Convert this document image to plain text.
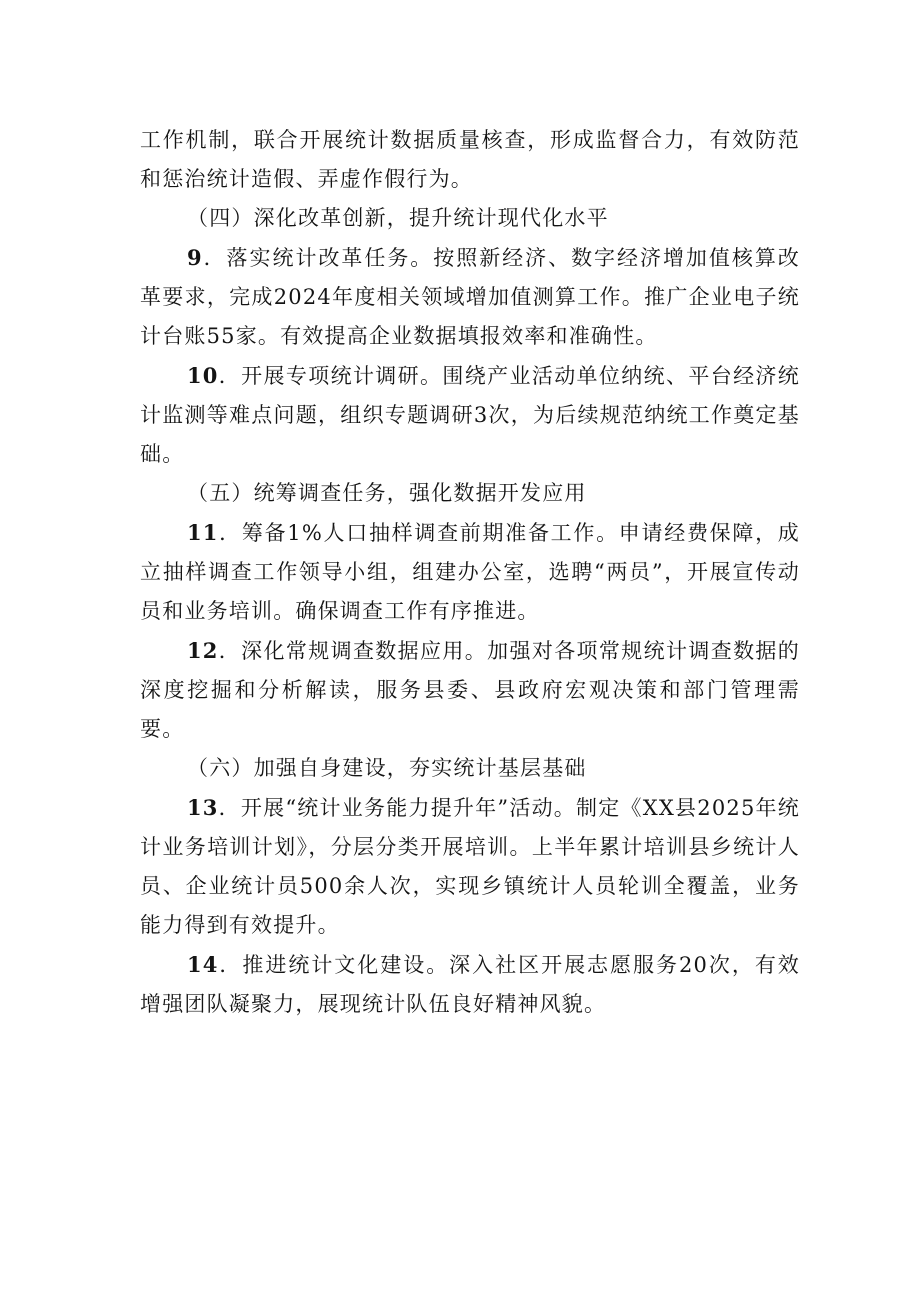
工作机制，联合开展统计数据质量核查，形成监督合力，有效防范和惩治统计造假、弄虚作假行为。

（四）深化改革创新，提升统计现代化水平

9．落实统计改革任务。按照新经济、数字经济增加值核算改革要求，完成2024年度相关领域增加值测算工作。推广企业电子统计台账55家。有效提高企业数据填报效率和准确性。

10．开展专项统计调研。围绕产业活动单位纳统、平台经济统计监测等难点问题，组织专题调研3次，为后续规范纳统工作奠定基础。

（五）统筹调查任务，强化数据开发应用

11．筹备1%人口抽样调查前期准备工作。申请经费保障，成立抽样调查工作领导小组，组建办公室，选聘“两员”，开展宣传动员和业务培训。确保调查工作有序推进。

12．深化常规调查数据应用。加强对各项常规统计调查数据的深度挖掘和分析解读，服务县委、县政府宏观决策和部门管理需要。

（六）加强自身建设，夯实统计基层基础

13．开展“统计业务能力提升年”活动。制定《XX县2025年统计业务培训计划》，分层分类开展培训。上半年累计培训县乡统计人员、企业统计员500余人次，实现乡镇统计人员轮训全覆盖，业务能力得到有效提升。

14．推进统计文化建设。深入社区开展志愿服务20次，有效增强团队凝聚力，展现统计队伍良好精神风貌。
